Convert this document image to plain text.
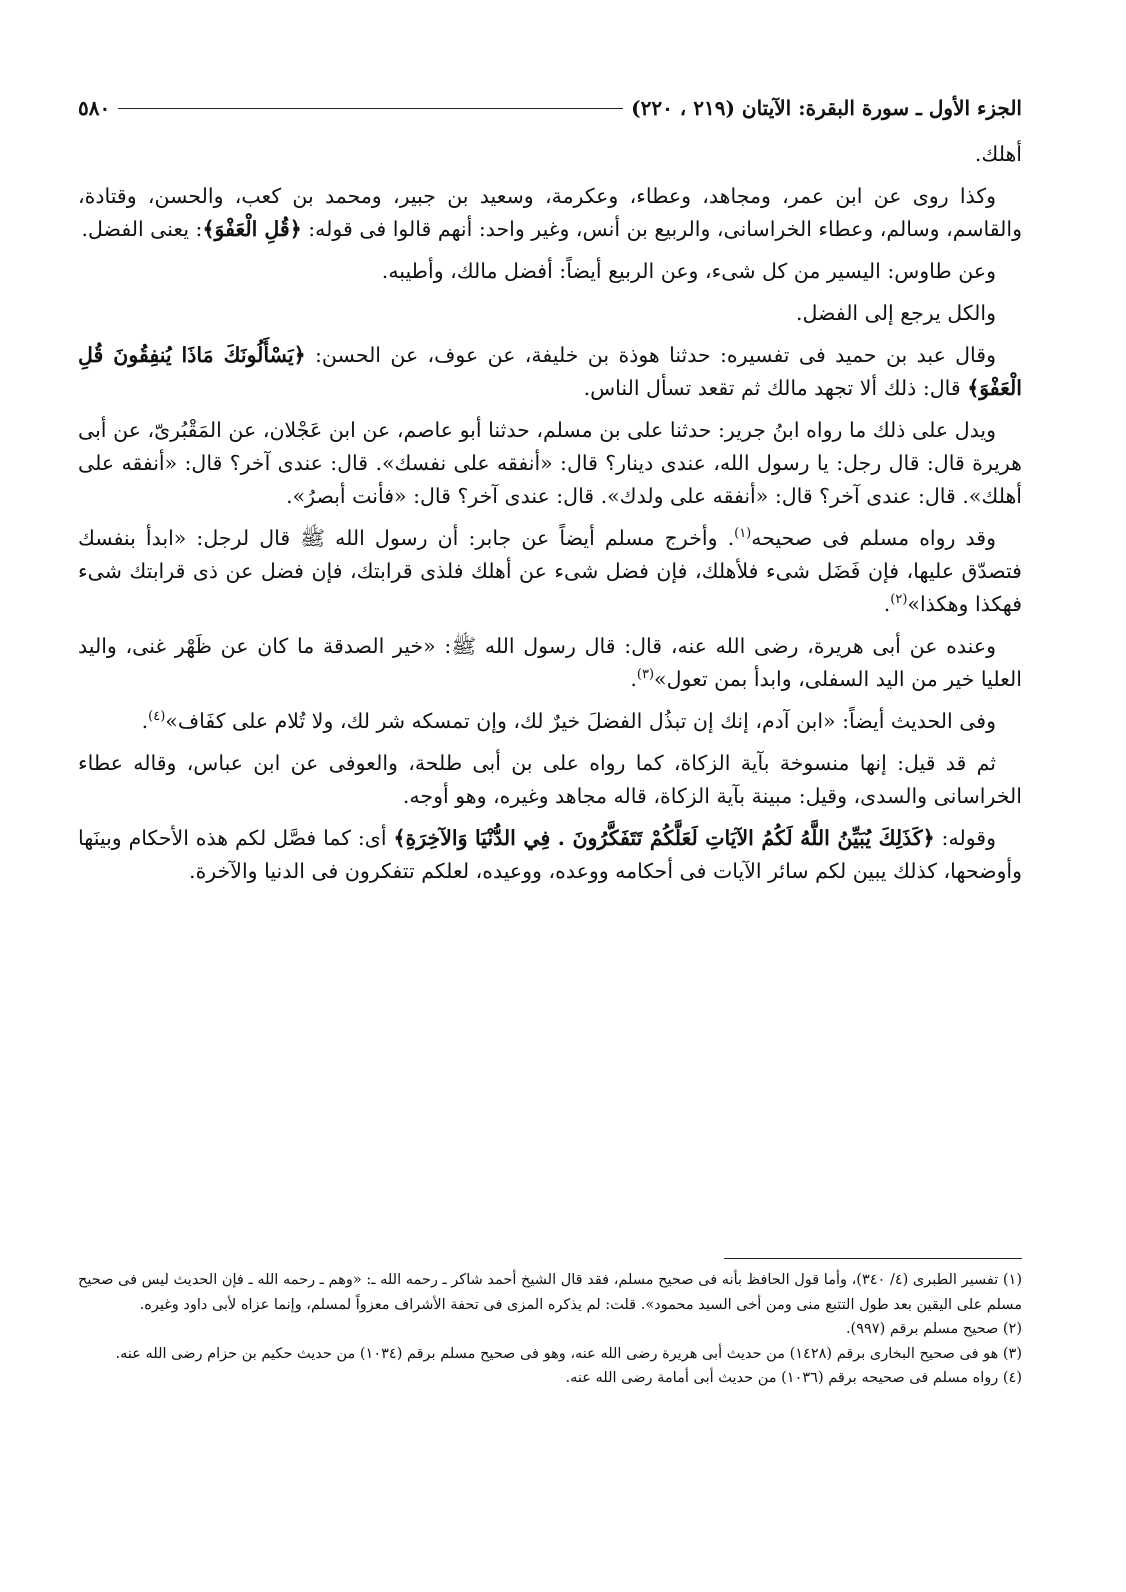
الجزء الأول ـ سورة البقرة: الآيتان (٢١٩ ، ٢٢٠)
٥٨٠

أهلك.

وكذا روى عن ابن عمر، ومجاهد، وعطاء، وعكرمة، وسعيد بن جبير، ومحمد بن كعب، والحسن، وقتادة، والقاسم، وسالم، وعطاء الخراسانى، والربيع بن أنس، وغير واحد: أنهم قالوا فى قوله: ﴿قُلِ الْعَفْوَ﴾: يعنى الفضل.

وعن طاوس: اليسير من كل شىء، وعن الربيع أيضاً: أفضل مالك، وأطيبه.

والكل يرجع إلى الفضل.

وقال عبد بن حميد فى تفسيره: حدثنا هوذة بن خليفة، عن عوف، عن الحسن: ﴿يَسْأَلُونَكَ مَاذَا يُنفِقُونَ قُلِ الْعَفْوَ﴾ قال: ذلك ألا تجهد مالك ثم تقعد تسأل الناس.

ويدل على ذلك ما رواه ابنُ جرير: حدثنا على بن مسلم، حدثنا أبو عاصم، عن ابن عَجْلان، عن المَقْبُرىّ، عن أبى هريرة قال: قال رجل: يا رسول الله، عندى دينار؟ قال: «أنفقه على نفسك». قال: عندى آخر؟ قال: «أنفقه على أهلك». قال: عندى آخر؟ قال: «أنفقه على ولدك». قال: عندى آخر؟ قال: «فأنت أبصرُ».

وقد رواه مسلم فى صحيحه$^{(١)}$. وأخرج مسلم أيضاً عن جابر: أن رسول الله ﷺ قال لرجل: «ابدأ بنفسك فتصدّق عليها، فإن فَضَل شىء فلأهلك، فإن فضل شىء عن أهلك فلذى قرابتك، فإن فضل عن ذى قرابتك شىء فهكذا وهكذا»$^{(٢)}$.

وعنده عن أبى هريرة، رضى الله عنه، قال: قال رسول الله ﷺ: «خير الصدقة ما كان عن ظَهْر غنى، واليد العليا خير من اليد السفلى، وابدأ بمن تعول»$^{(٣)}$.

وفى الحديث أيضاً: «ابن آدم، إنك إن تبذُل الفضلَ خيرٌ لك، وإن تمسكه شر لك، ولا تُلام على كفَاف»$^{(٤)}$.

ثم قد قيل: إنها منسوخة بآية الزكاة، كما رواه على بن أبى طلحة، والعوفى عن ابن عباس، وقاله عطاء الخراسانى والسدى، وقيل: مبينة بآية الزكاة، قاله مجاهد وغيره، وهو أوجه.

وقوله: ﴿كَذَلِكَ يُبَيِّنُ اللَّهُ لَكُمُ الآيَاتِ لَعَلَّكُمْ تَتَفَكَّرُونَ . فِي الدُّنْيَا وَالآخِرَةِ﴾ أى: كما فصَّل لكم هذه الأحكام وبينَها وأوضحها، كذلك يبين لكم سائر الآيات فى أحكامه ووعده، ووعيده، لعلكم تتفكرون فى الدنيا والآخرة.

(١) تفسير الطبرى (٤/ ٣٤٠)، وأما قول الحافظ بأنه فى صحيح مسلم، فقد قال الشيخ أحمد شاكر ـ رحمه الله ـ: «وهم ـ رحمه الله ـ فإن الحديث ليس فى صحيح مسلم على اليقين بعد طول التتبع منى ومن أخى السيد محمود». قلت: لم يذكره المزى فى تحفة الأشراف معزواً لمسلم، وإنما عزاه لأبى داود وغيره.
(٢) صحيح مسلم برقم (٩٩٧).
(٣) هو فى صحيح البخارى برقم (١٤٢٨) من حديث أبى هريرة رضى الله عنه، وهو فى صحيح مسلم برقم (١٠٣٤) من حديث حكيم بن حزام رضى الله عنه.
(٤) رواه مسلم فى صحيحه برقم (١٠٣٦) من حديث أبى أمامة رضى الله عنه.
